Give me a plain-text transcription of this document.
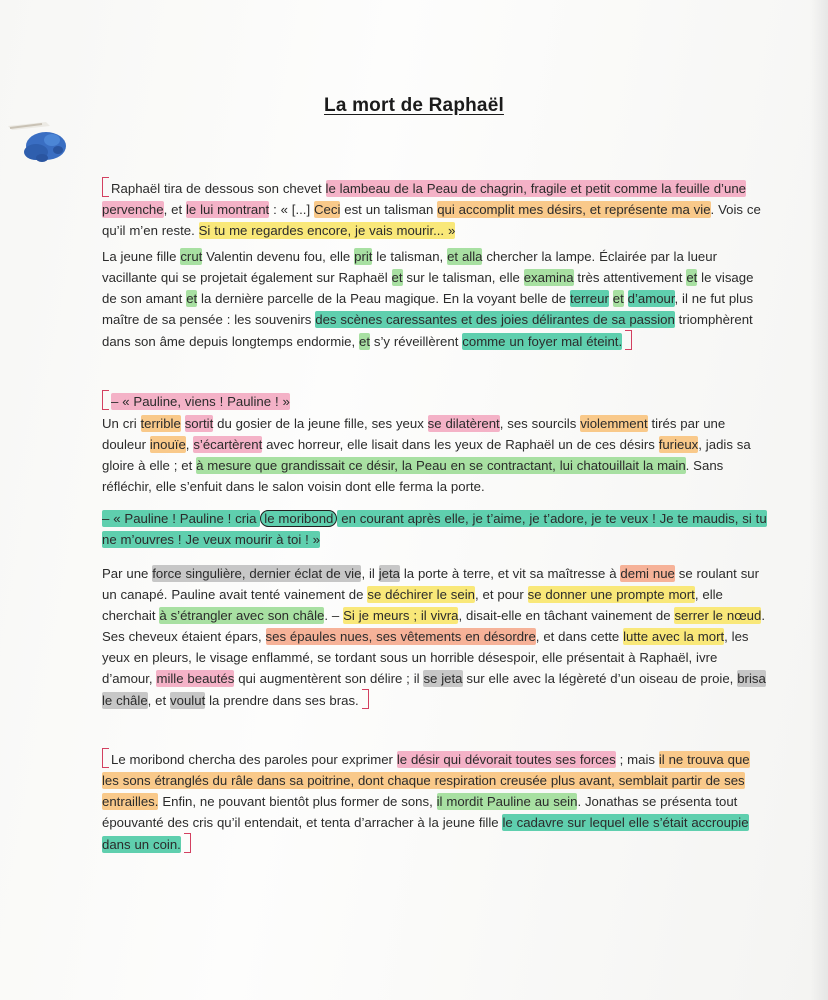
La mort de Raphaël
Raphaël tira de dessous son chevet le lambeau de la Peau de chagrin, fragile et petit comme la feuille d’une pervenche, et le lui montrant : « [...] Ceci est un talisman qui accomplit mes désirs, et représente ma vie. Vois ce qu’il m’en reste. Si tu me regardes encore, je vais mourir... »
La jeune fille crut Valentin devenu fou, elle prit le talisman, et alla chercher la lampe. Éclairée par la lueur vacillante qui se projetait également sur Raphaël et sur le talisman, elle examina très attentivement et le visage de son amant et la dernière parcelle de la Peau magique. En la voyant belle de terreur et d’amour, il ne fut plus maître de sa pensée : les souvenirs des scènes caressantes et des joies délirantes de sa passion triomphèrent dans son âme depuis longtemps endormie, et s’y réveillèrent comme un foyer mal éteint.
– « Pauline, viens ! Pauline ! »
Un cri terrible sortit du gosier de la jeune fille, ses yeux se dilatèrent, ses sourcils violemment tirés par une douleur inouïe, s’écartèrent avec horreur, elle lisait dans les yeux de Raphaël un de ces désirs furieux, jadis sa gloire à elle ; et à mesure que grandissait ce désir, la Peau en se contractant, lui chatouillait la main. Sans réfléchir, elle s’enfuit dans le salon voisin dont elle ferma la porte.
– « Pauline ! Pauline ! cria le moribond en courant après elle, je t’aime, je t’adore, je te veux ! Je te maudis, si tu ne m’ouvres ! Je veux mourir à toi ! »
Par une force singulière, dernier éclat de vie, il jeta la porte à terre, et vit sa maîtresse à demi nue se roulant sur un canapé. Pauline avait tenté vainement de se déchirer le sein, et pour se donner une prompte mort, elle cherchait à s’étrangler avec son châle. – Si je meurs ; il vivra, disait-elle en tâchant vainement de serrer le nœud. Ses cheveux étaient épars, ses épaules nues, ses vêtements en désordre, et dans cette lutte avec la mort, les yeux en pleurs, le visage enflammé, se tordant sous un horrible désespoir, elle présentait à Raphaël, ivre d’amour, mille beautés qui augmentèrent son délire ; il se jeta sur elle avec la légèreté d’un oiseau de proie, brisa le châle, et voulut la prendre dans ses bras.
Le moribond chercha des paroles pour exprimer le désir qui dévorait toutes ses forces ; mais il ne trouva que les sons étranglés du râle dans sa poitrine, dont chaque respiration creusée plus avant, semblait partir de ses entrailles. Enfin, ne pouvant bientôt plus former de sons, il mordit Pauline au sein. Jonathas se présenta tout épouvanté des cris qu’il entendait, et tenta d’arracher à la jeune fille le cadavre sur lequel elle s’était accroupie dans un coin.
